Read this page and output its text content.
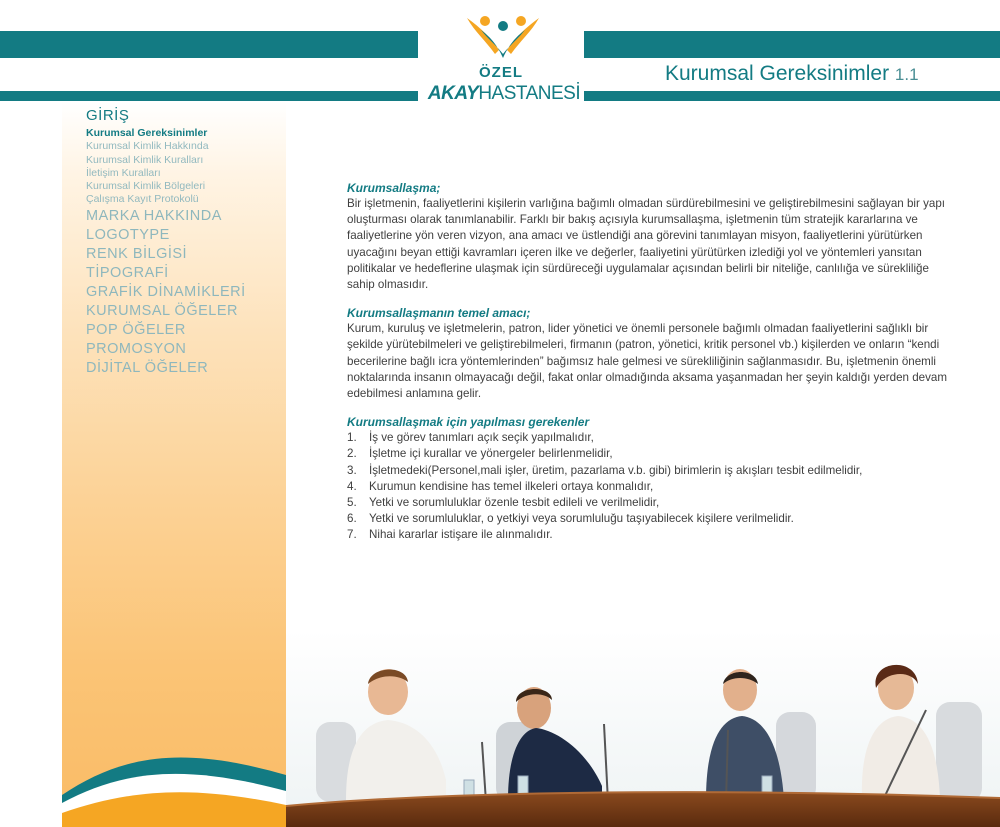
ÖZEL
AKAYHASTANESİ
Kurumsal Gereksinimler 1.1
GİRİŞ
Kurumsal Gereksinimler
Kurumsal Kimlik Hakkında
Kurumsal Kimlik Kuralları
İletişim Kuralları
Kurumsal Kimlik Bölgeleri
Çalışma Kayıt Protokolü
MARKA HAKKINDA
LOGOTYPE
RENK BİLGİSİ
TİPOGRAFİ
GRAFİK DİNAMİKLERİ
KURUMSAL ÖĞELER
POP ÖĞELER
PROMOSYON
DİJİTAL ÖĞELER
Kurumsallaşma;

Bir işletmenin, faaliyetlerini kişilerin varlığına bağımlı olmadan sürdürebilmesini ve geliştirebilmesini sağlayan bir yapı oluşturması olarak tanımlanabilir. Farklı bir bakış açısıyla kurumsallaşma, işletmenin tüm stratejik kararlarına ve faaliyetlerine yön veren vizyon, ana amacı ve üstlendiği ana görevini tanımlayan misyon, faaliyetlerini yürütürken uyacağını beyan ettiği kavramları içeren ilke ve değerler, faaliyetini yürütürken izlediği yol ve yöntemleri yansıtan politikalar ve hedeflerine ulaşmak için sürdüreceği uygulamalar açısından belirli bir niteliğe, canlılığa ve sürekliliğe sahip olmasıdır.

Kurumsallaşmanın temel amacı;

Kurum, kuruluş ve işletmelerin, patron, lider yönetici ve önemli personele bağımlı olmadan faaliyetlerini sağlıklı bir şekilde yürütebilmeleri ve geliştirebilmeleri, firmanın (patron, yönetici, kritik personel vb.) kişilerden ve onların “kendi becerilerine bağlı icra yöntemlerinden” bağımsız hale gelmesi ve sürekliliğinin sağlanmasıdır. Bu, işletmenin önemli noktalarında insanın olmayacağı değil, fakat onlar olmadığında aksama yaşanmadan her şeyin kaldığı yerden devam edebilmesi anlamına gelir.

Kurumsallaşmak için yapılması gerekenler
1.	İş ve görev tanımları açık seçik yapılmalıdır,
2.	İşletme içi kurallar ve yönergeler belirlenmelidir,
3.	İşletmedeki(Personel,mali işler, üretim, pazarlama v.b. gibi) birimlerin iş akışları tesbit edilmelidir,
4.	Kurumun kendisine has temel ilkeleri ortaya konmalıdır,
5.	Yetki ve sorumluluklar özenle tesbit edileli ve verilmelidir,
6.	Yetki ve sorumluluklar, o yetkiyi veya sorumluluğu taşıyabilecek kişilere verilmelidir.
7.	Nihai kararlar istişare ile alınmalıdır.
